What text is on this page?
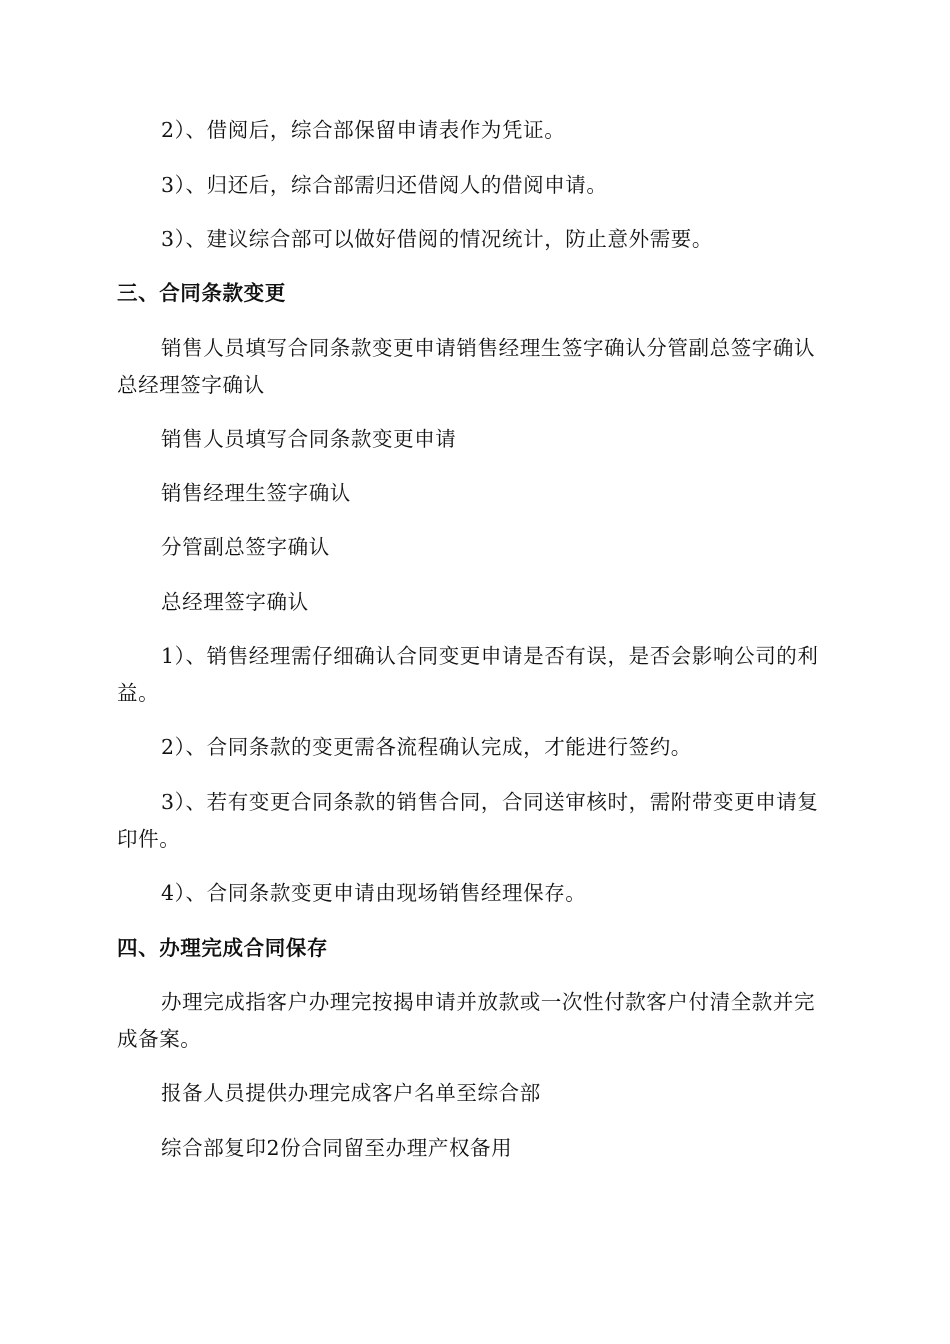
2）、借阅后，综合部保留申请表作为凭证。

3）、归还后，综合部需归还借阅人的借阅申请。

3）、建议综合部可以做好借阅的情况统计，防止意外需要。

三、合同条款变更

销售人员填写合同条款变更申请销售经理生签字确认分管副总签字确认总经理签字确认

销售人员填写合同条款变更申请

销售经理生签字确认

分管副总签字确认

总经理签字确认

1）、销售经理需仔细确认合同变更申请是否有误，是否会影响公司的利益。

2）、合同条款的变更需各流程确认完成，才能进行签约。

3）、若有变更合同条款的销售合同，合同送审核时，需附带变更申请复印件。

4）、合同条款变更申请由现场销售经理保存。

四、办理完成合同保存

办理完成指客户办理完按揭申请并放款或一次性付款客户付清全款并完成备案。

报备人员提供办理完成客户名单至综合部

综合部复印2份合同留至办理产权备用
